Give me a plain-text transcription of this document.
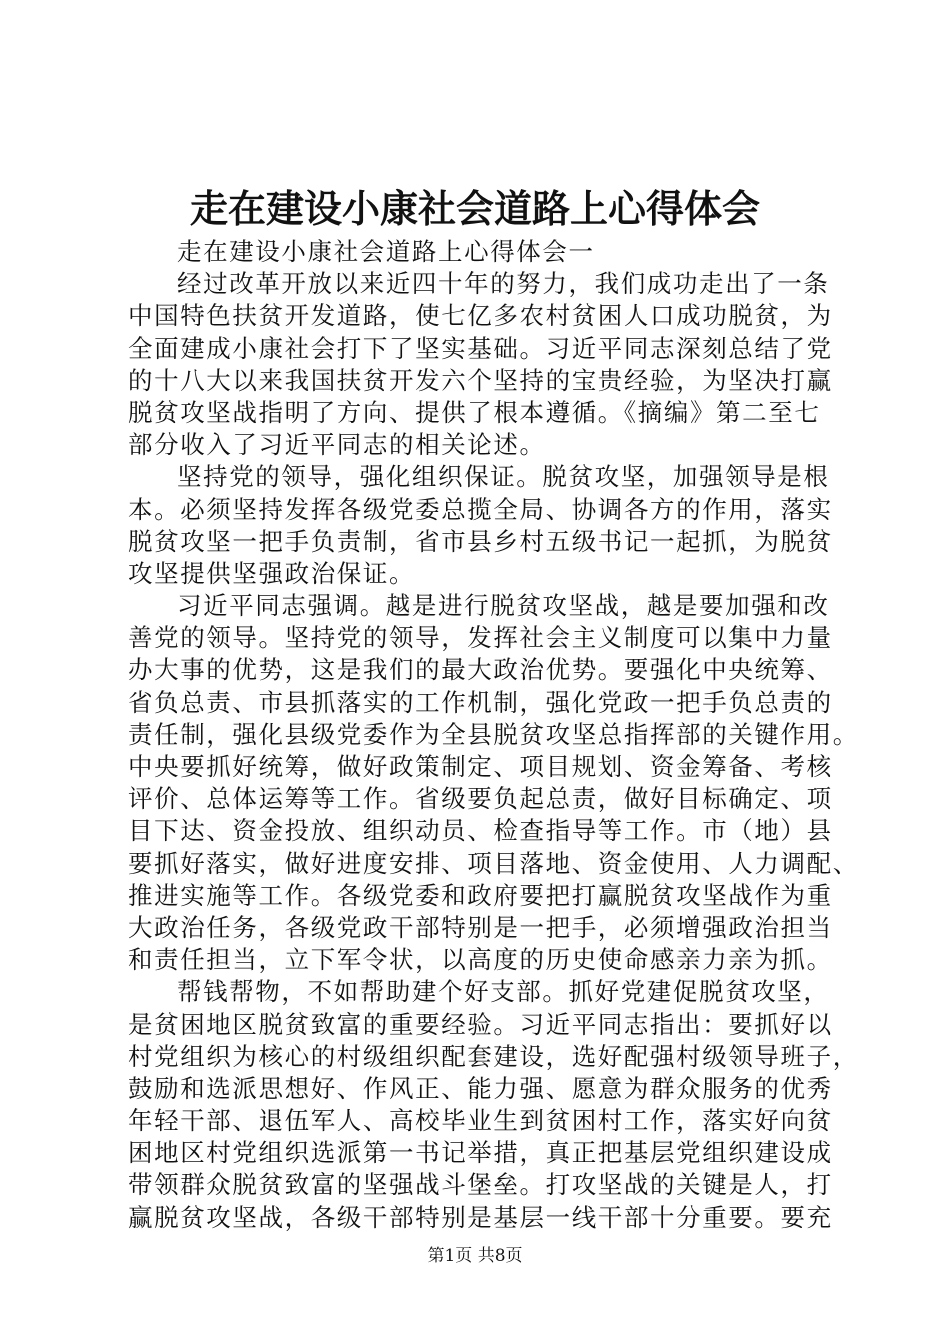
走在建设小康社会道路上心得体会
走在建设小康社会道路上心得体会一
经过改革开放以来近四十年的努力，我们成功走出了一条
中国特色扶贫开发道路，使七亿多农村贫困人口成功脱贫，为
全面建成小康社会打下了坚实基础。习近平同志深刻总结了党
的十八大以来我国扶贫开发六个坚持的宝贵经验，为坚决打赢
脱贫攻坚战指明了方向、提供了根本遵循。《摘编》第二至七
部分收入了习近平同志的相关论述。
坚持党的领导，强化组织保证。脱贫攻坚，加强领导是根
本。必须坚持发挥各级党委总揽全局、协调各方的作用，落实
脱贫攻坚一把手负责制，省市县乡村五级书记一起抓，为脱贫
攻坚提供坚强政治保证。
习近平同志强调。越是进行脱贫攻坚战，越是要加强和改
善党的领导。坚持党的领导，发挥社会主义制度可以集中力量
办大事的优势，这是我们的最大政治优势。要强化中央统筹、
省负总责、市县抓落实的工作机制，强化党政一把手负总责的
责任制，强化县级党委作为全县脱贫攻坚总指挥部的关键作用。
中央要抓好统筹，做好政策制定、项目规划、资金筹备、考核
评价、总体运筹等工作。省级要负起总责，做好目标确定、项
目下达、资金投放、组织动员、检查指导等工作。市（地）县
要抓好落实，做好进度安排、项目落地、资金使用、人力调配、
推进实施等工作。各级党委和政府要把打赢脱贫攻坚战作为重
大政治任务，各级党政干部特别是一把手，必须增强政治担当
和责任担当，立下军令状，以高度的历史使命感亲力亲为抓。
帮钱帮物，不如帮助建个好支部。抓好党建促脱贫攻坚，
是贫困地区脱贫致富的重要经验。习近平同志指出：要抓好以
村党组织为核心的村级组织配套建设，选好配强村级领导班子，
鼓励和选派思想好、作风正、能力强、愿意为群众服务的优秀
年轻干部、退伍军人、高校毕业生到贫困村工作，落实好向贫
困地区村党组织选派第一书记举措，真正把基层党组织建设成
带领群众脱贫致富的坚强战斗堡垒。打攻坚战的关键是人，打
赢脱贫攻坚战，各级干部特别是基层一线干部十分重要。要充
第1页 共8页
